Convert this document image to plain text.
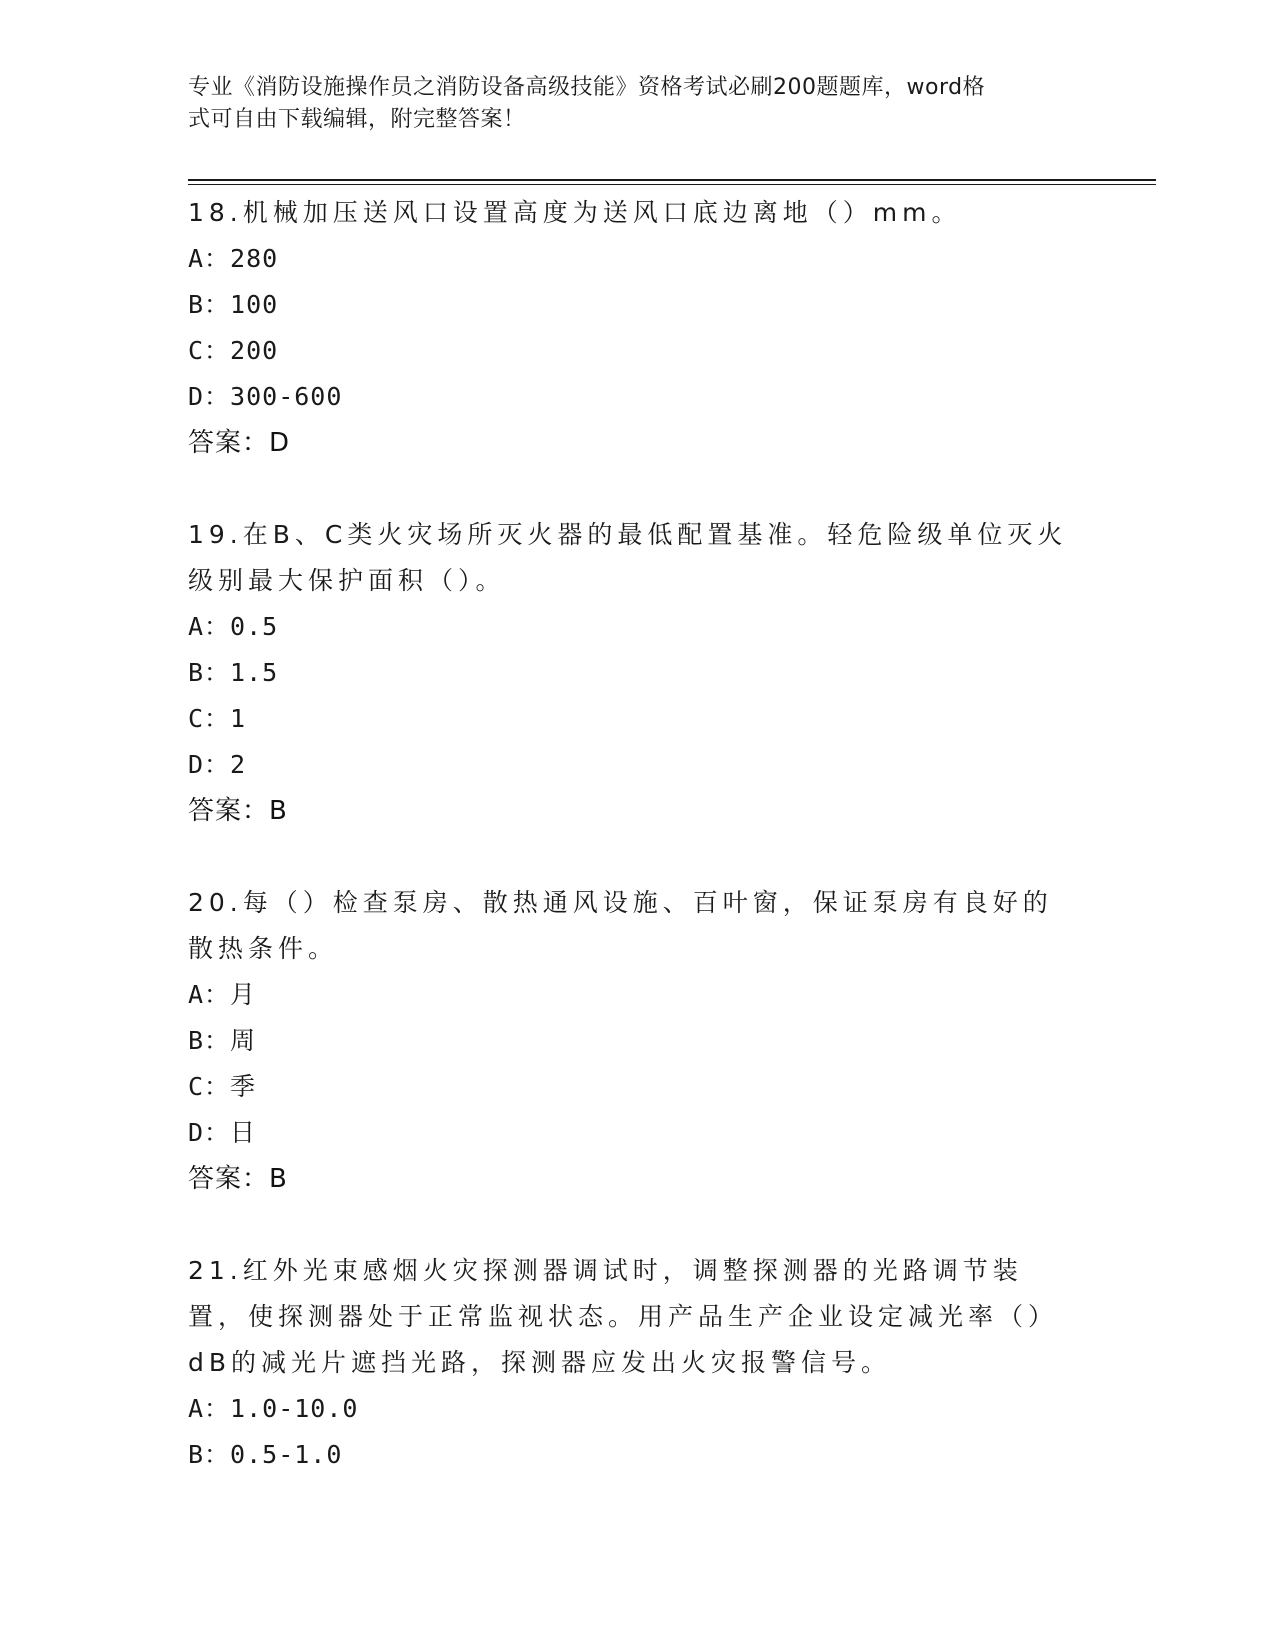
专业《消防设施操作员之消防设备高级技能》资格考试必刷200题题库，word格
式可自由下载编辑，附完整答案！

18.机械加压送风口设置高度为送风口底边离地（）mm。

A：280

B：100

C：200

D：300-600

答案：D

19.在B、C类火灾场所灭火器的最低配置基准。轻危险级单位灭火级别最大保护面积（）。

A：0.5

B：1.5

C：1

D：2

答案：B

20.每（）检查泵房、散热通风设施、百叶窗，保证泵房有良好的散热条件。

A：月

B：周

C：季

D：日

答案：B

21.红外光束感烟火灾探测器调试时，调整探测器的光路调节装置，使探测器处于正常监视状态。用产品生产企业设定减光率（）dB的减光片遮挡光路，探测器应发出火灾报警信号。

A：1.0-10.0

B：0.5-1.0
